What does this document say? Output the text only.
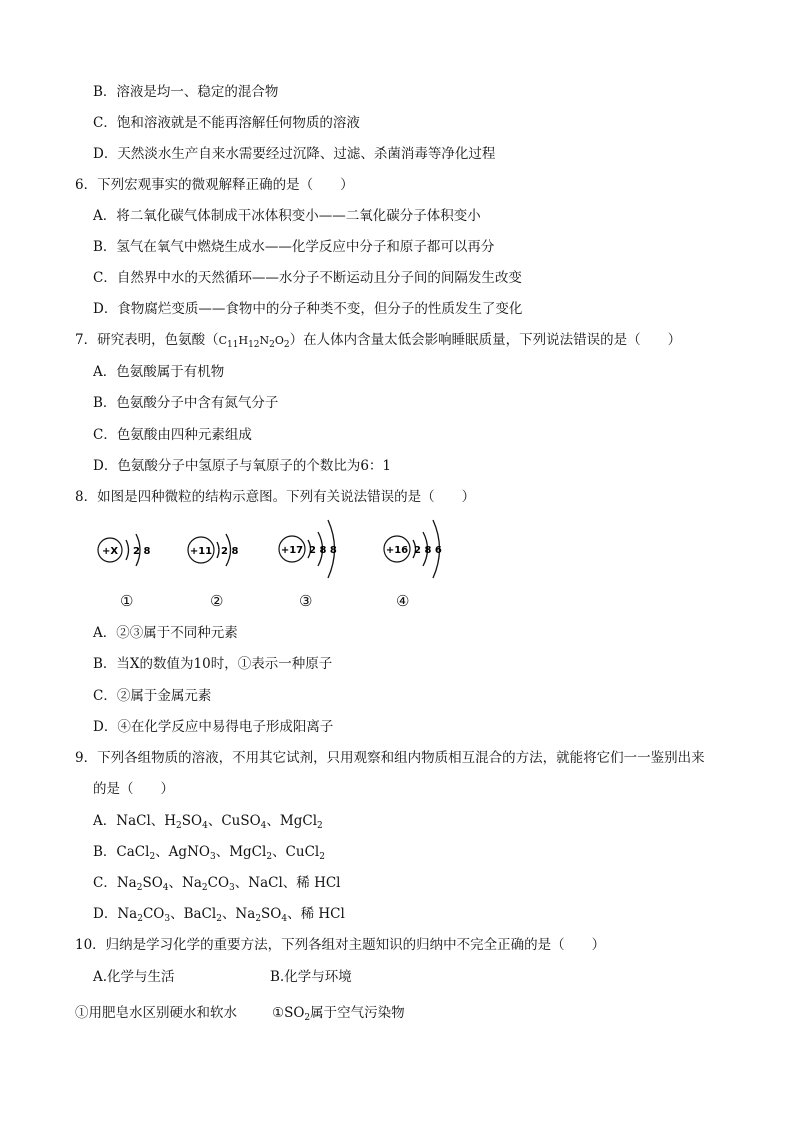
B．溶液是均一、稳定的混合物
C．饱和溶液就是不能再溶解任何物质的溶液
D．天然淡水生产自来水需要经过沉降、过滤、杀菌消毒等净化过程
6．下列宏观事实的微观解释正确的是（　　）
A．将二氧化碳气体制成干冰体积变小——二氧化碳分子体积变小
B．氢气在氧气中燃烧生成水——化学反应中分子和原子都可以再分
C．自然界中水的天然循环——水分子不断运动且分子间的间隔发生改变
D．食物腐烂变质——食物中的分子种类不变，但分子的性质发生了变化
7．研究表明，色氨酸$(C_{11}H_{12}N_2O_2)$在人体内含量太低会影响睡眠质量，下列说法错误的是（　　）
A．色氨酸属于有机物
B．色氨酸分子中含有氮气分子
C．色氨酸由四种元素组成
D．色氨酸分子中氢原子与氧原子的个数比为6：1
8．如图是四种微粒的结构示意图。下列有关说法错误的是（　　）
+X 2 8	+11 2 8	+17 2 8 8	+16 2 8 6
①	②	③	④
A．②③属于不同种元素
B．当X的数值为10时，①表示一种原子
C．②属于金属元素
D．④在化学反应中易得电子形成阳离子
9．下列各组物质的溶液，不用其它试剂，只用观察和组内物质相互混合的方法，就能将它们一一鉴别出来
的是（　　）
A．NaCl、$H_2SO_4$、CuSO$_4$、MgCl$_2$
B．CaCl$_2$、AgNO$_3$、MgCl$_2$、CuCl$_2$
C．$Na_2SO_4$、$Na_2CO_3$、NaCl、稀 HCl
D．$Na_2CO_3$、BaCl$_2$、$Na_2SO_4$、稀 HCl
10．归纳是学习化学的重要方法，下列各组对主题知识的归纳中不完全正确的是（　　）
A.化学与生活	B.化学与环境
①用肥皂水区别硬水和软水	$①SO_2$属于空气污染物
